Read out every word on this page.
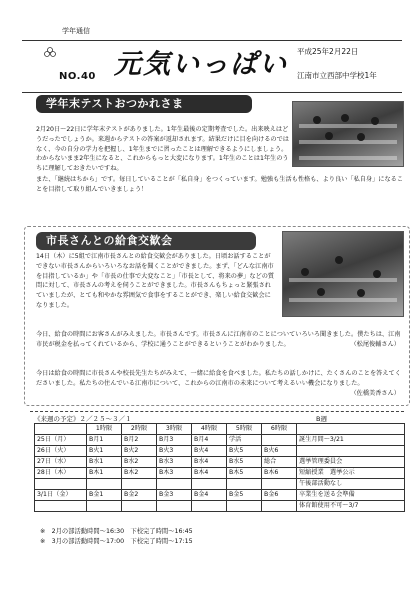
学年通信
NO.40 元気いっぱい 平成25年2月22日
江南市立西部中学校1年
学年末テストおつかれさま
2月20日～22日に学年末テストがありました。1年生最後の定期考査でした。出来映えはどうだったでしょうか。来週からテストの答案が返却されます。結果だけに目を向けるのではなく、今の自分の学力を把握し、1年生までに習ったことは理解できるようにしましょう。わからないまま2年生になると、これからもっと大変になります。1年生のことは1年生のうちに理解しておきたいですね。
また、「継続はちから」です。毎日していることが「私自身」をつくっています。勉強も生活も性格も、より良い「私自身」になることを目指して取り組んでいきましょう！
市長さんとの給食交歓会
14日（木）に5組で江南市長さんとの給食交歓会がありました。日頃お話することができない市長さんからいろいろなお話を聞くことができました。まず、「どんな江南市を目指しているか」や「市長の仕事で大変なこと」「市長として、将来の夢」などの質問に対して、市長さんの考えを伺うことができました。市長さんもちょっと緊張されていましたが、とても和やかな雰囲気で食事をすることができ、楽しい給食交歓会になりました。
今日、給食の時間にお客さんがみえました。市長さんです。市長さんに江南市のことについていろいろ聞きました。僕たちは、江南市民が税金を払ってくれているから、学校に通うことができるということがわかりました。	（松尾俊輔さん）
今日は給食の時間に市長さんや校長先生たちがみえて、一緒に給食を食べました。私たちの話しかけに、たくさんのことを答えてくださいました。私たちの住んでいる江南市について、これからの江南市の未来について考えるいい機会になりました。
（佐橋美香さん）
《来週の予定》２／２５～３／１	B週
	1時限	2時限	3時限	4時限	5時限	6時限	
25日（月）	B月1	B月2	B月3	B月4	学活		誕生月間～3/21
26日（火）	B火1	B火2	B火3	B火4	B火5	B火6	
27日（水）	B水1	B水2	B水3	B水4	B水5	総合	選挙管理委員会
28日（木）	B木1	B木2	B木3	B木4	B木5	B木6	短縮授業　選挙公示
							午後部活動なし
3/1日（金）	B金1	B金2	B金3	B金4	B金5	B金6	卒業生を送る会準備
							体育館使用不可～3/7
※　2月の部活動時間～16:30　下校完了時間～16:45
※　3月の部活動時間～17:00　下校完了時間～17:15
